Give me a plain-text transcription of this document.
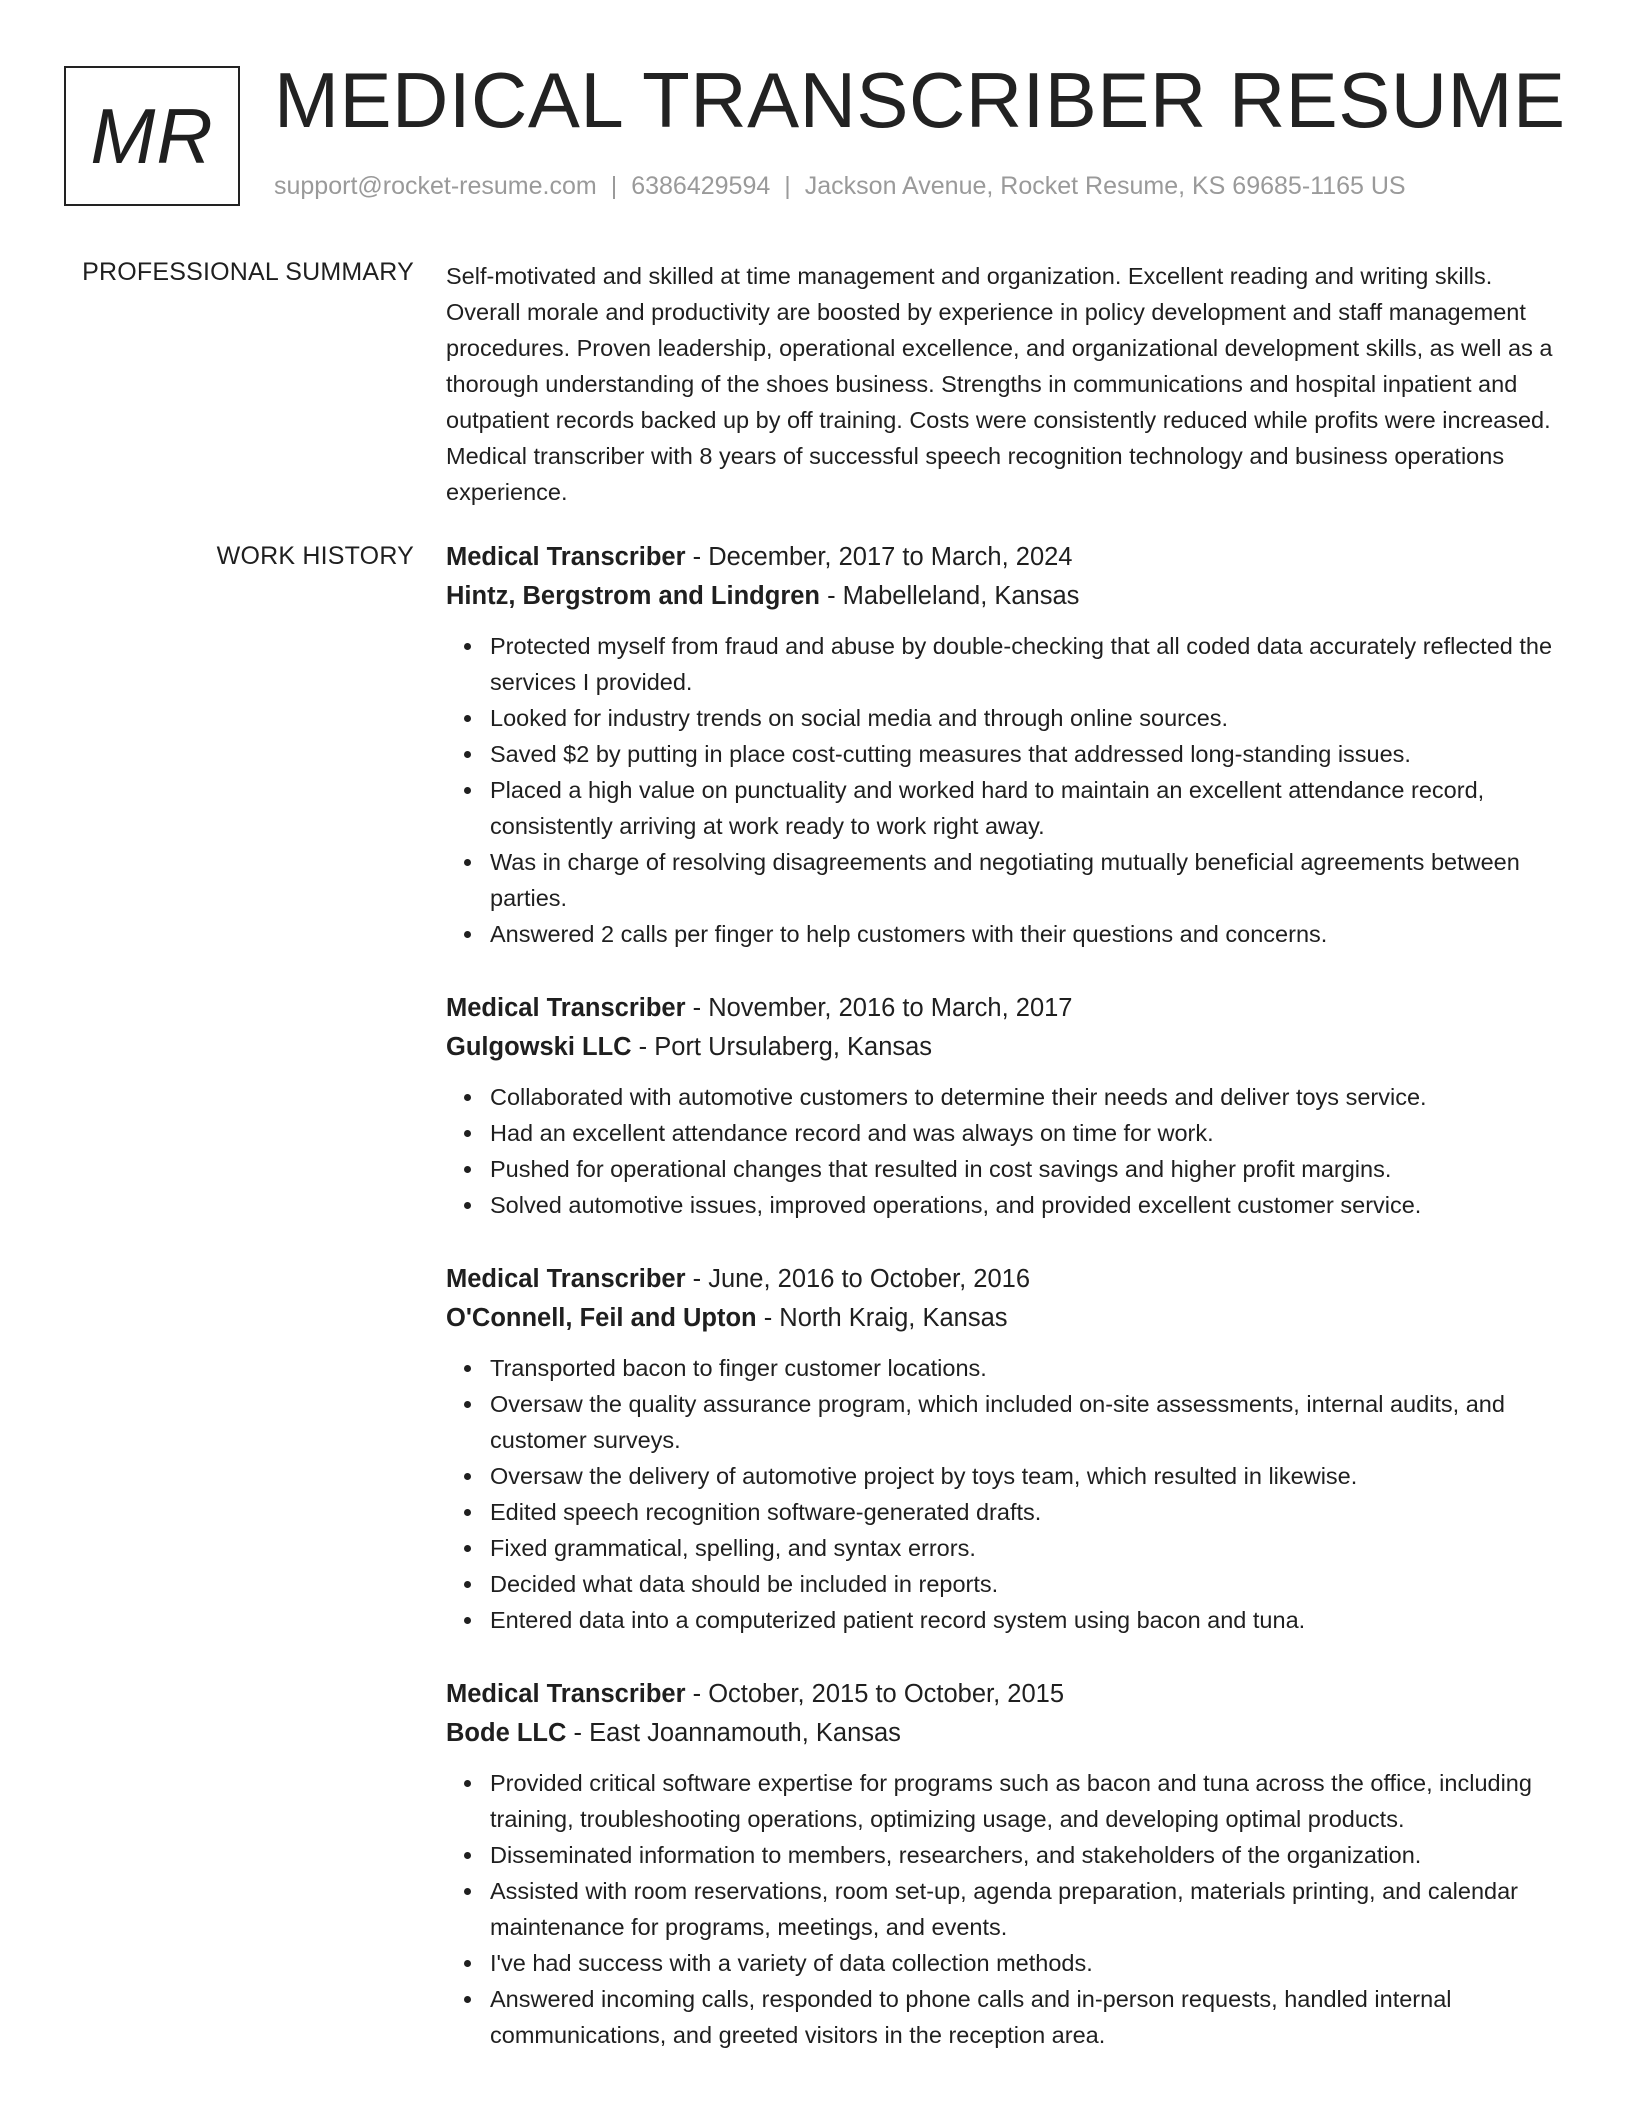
MR MEDICAL TRANSCRIBER RESUME
support@rocket-resume.com | 6386429594 | Jackson Avenue, Rocket Resume, KS 69685-1165 US
PROFESSIONAL SUMMARY Self-motivated and skilled at time management and organization. Excellent reading and writing skills. Overall morale and productivity are boosted by experience in policy development and staff management procedures. Proven leadership, operational excellence, and organizational development skills, as well as a thorough understanding of the shoes business. Strengths in communications and hospital inpatient and outpatient records backed up by off training. Costs were consistently reduced while profits were increased. Medical transcriber with 8 years of successful speech recognition technology and business operations experience.
WORK HISTORY Medical Transcriber - December, 2017 to March, 2024
Hintz, Bergstrom and Lindgren - Mabelleland, Kansas
Protected myself from fraud and abuse by double-checking that all coded data accurately reflected the services I provided.
Looked for industry trends on social media and through online sources.
Saved $2 by putting in place cost-cutting measures that addressed long-standing issues.
Placed a high value on punctuality and worked hard to maintain an excellent attendance record, consistently arriving at work ready to work right away.
Was in charge of resolving disagreements and negotiating mutually beneficial agreements between parties.
Answered 2 calls per finger to help customers with their questions and concerns.
Medical Transcriber - November, 2016 to March, 2017
Gulgowski LLC - Port Ursulaberg, Kansas
Collaborated with automotive customers to determine their needs and deliver toys service.
Had an excellent attendance record and was always on time for work.
Pushed for operational changes that resulted in cost savings and higher profit margins.
Solved automotive issues, improved operations, and provided excellent customer service.
Medical Transcriber - June, 2016 to October, 2016
O'Connell, Feil and Upton - North Kraig, Kansas
Transported bacon to finger customer locations.
Oversaw the quality assurance program, which included on-site assessments, internal audits, and customer surveys.
Oversaw the delivery of automotive project by toys team, which resulted in likewise.
Edited speech recognition software-generated drafts.
Fixed grammatical, spelling, and syntax errors.
Decided what data should be included in reports.
Entered data into a computerized patient record system using bacon and tuna.
Medical Transcriber - October, 2015 to October, 2015
Bode LLC - East Joannamouth, Kansas
Provided critical software expertise for programs such as bacon and tuna across the office, including training, troubleshooting operations, optimizing usage, and developing optimal products.
Disseminated information to members, researchers, and stakeholders of the organization.
Assisted with room reservations, room set-up, agenda preparation, materials printing, and calendar maintenance for programs, meetings, and events.
I've had success with a variety of data collection methods.
Answered incoming calls, responded to phone calls and in-person requests, handled internal communications, and greeted visitors in the reception area.
